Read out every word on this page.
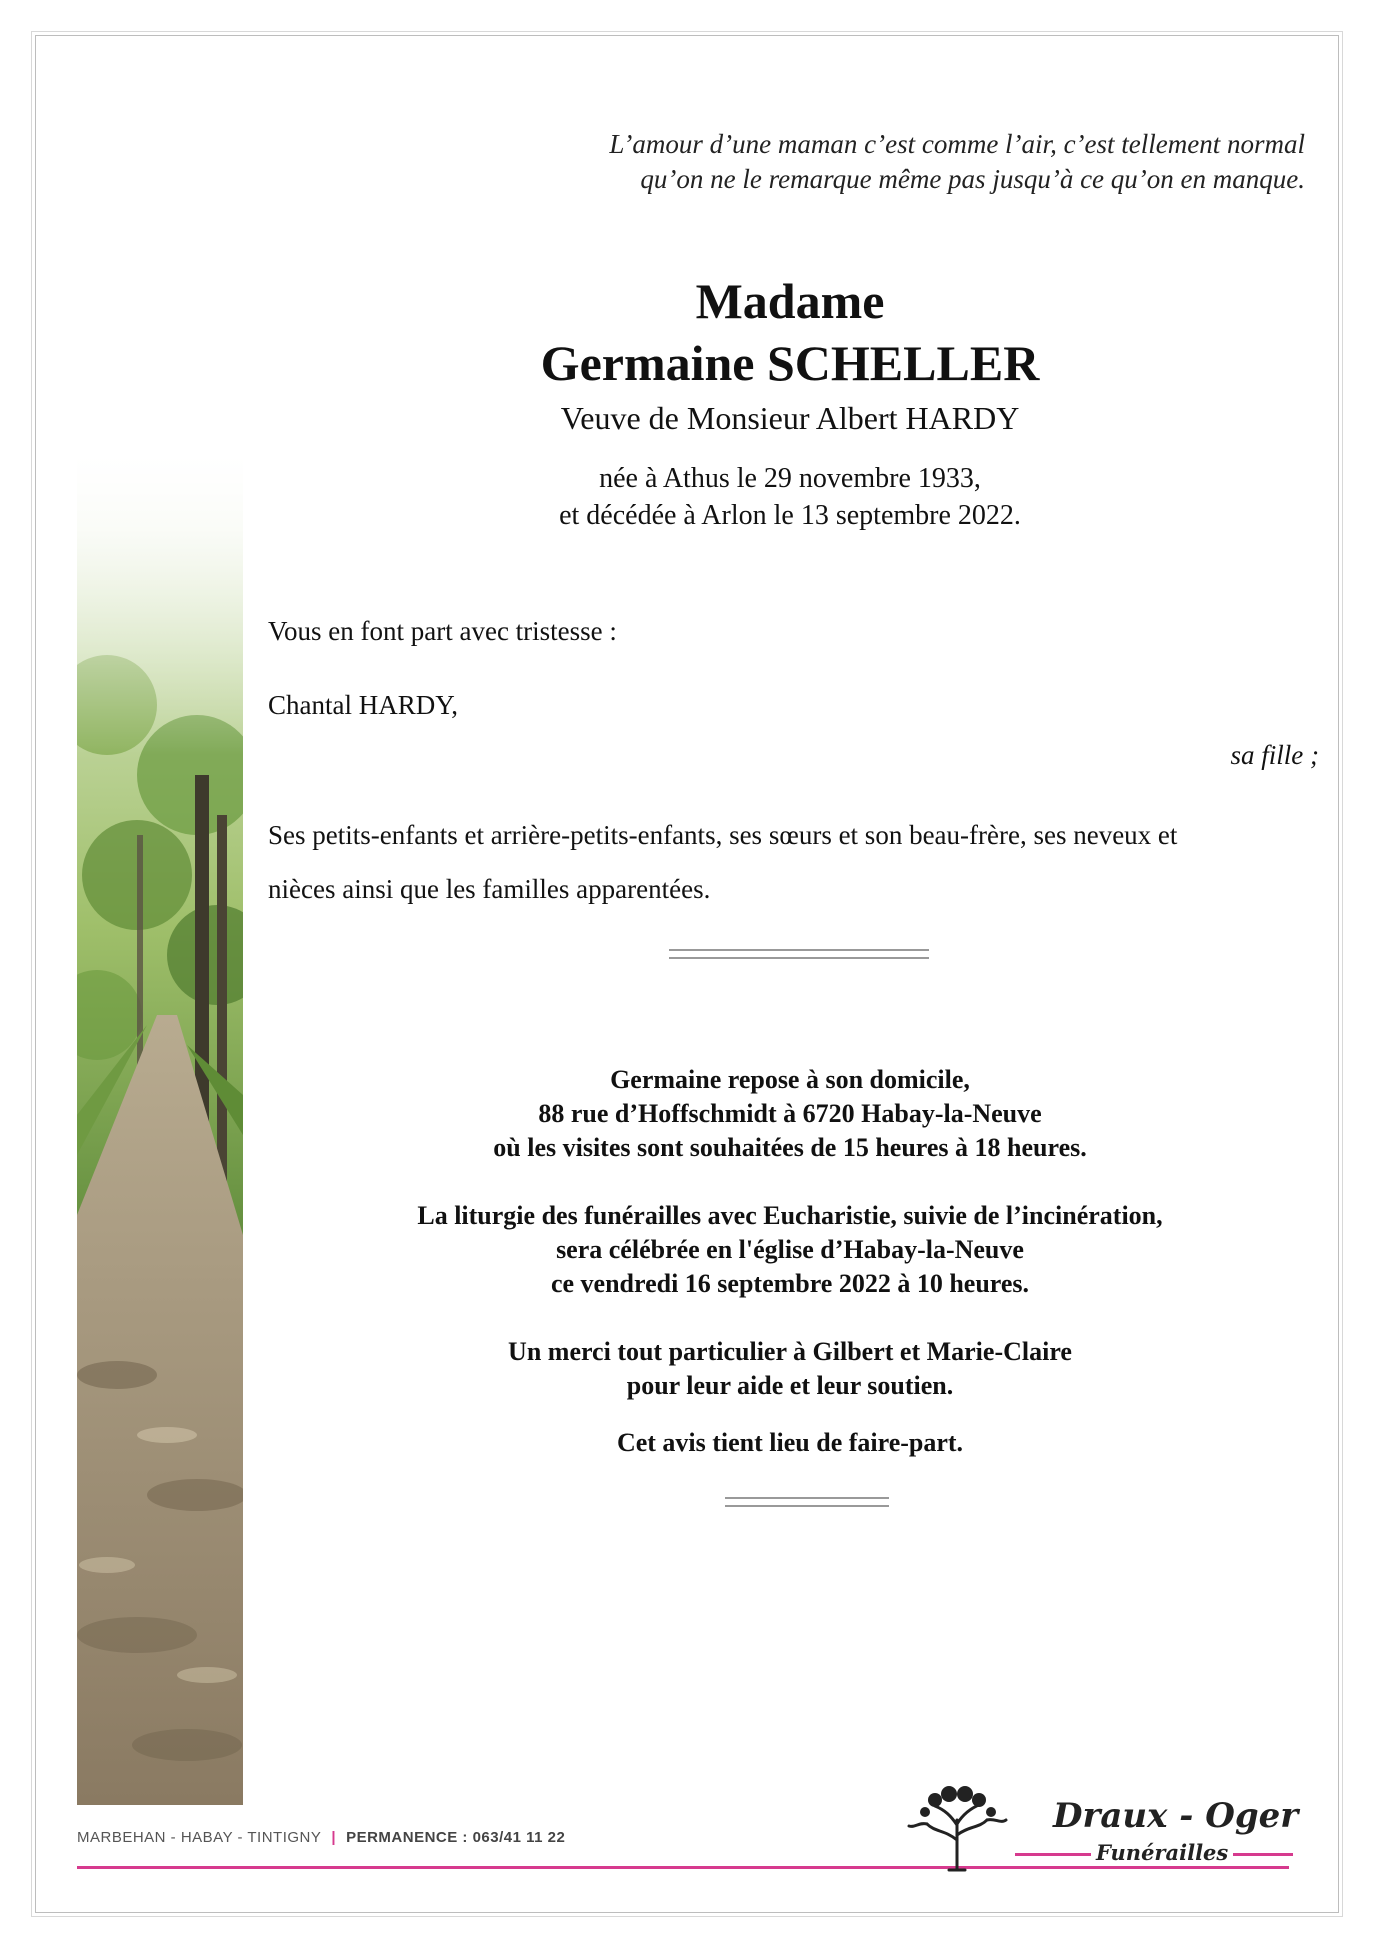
L’amour d’une maman c’est comme l’air, c’est tellement normal
qu’on ne le remarque même pas jusqu’à ce qu’on en manque.
Madame
Germaine SCHELLER
Veuve de Monsieur Albert HARDY
née à Athus le 29 novembre 1933,
et décédée à Arlon le 13 septembre 2022.
Vous en font part avec tristesse :
Chantal HARDY,
sa fille ;
Ses petits-enfants et arrière-petits-enfants, ses sœurs et son beau-frère, ses neveux et
nièces ainsi que les familles apparentées.
Germaine repose à son domicile,
88 rue d’Hoffschmidt à 6720 Habay-la-Neuve
où les visites sont souhaitées de 15 heures à 18 heures.
La liturgie des funérailles avec Eucharistie, suivie de l’incinération,
sera célébrée en l'église d’Habay-la-Neuve
ce vendredi 16 septembre 2022 à 10 heures.
Un merci tout particulier à Gilbert et Marie-Claire
pour leur aide et leur soutien.
Cet avis tient lieu de faire-part.
MARBEHAN - HABAY - TINTIGNY | PERMANENCE : 063/41 11 22
Draux - Oger
Funérailles
